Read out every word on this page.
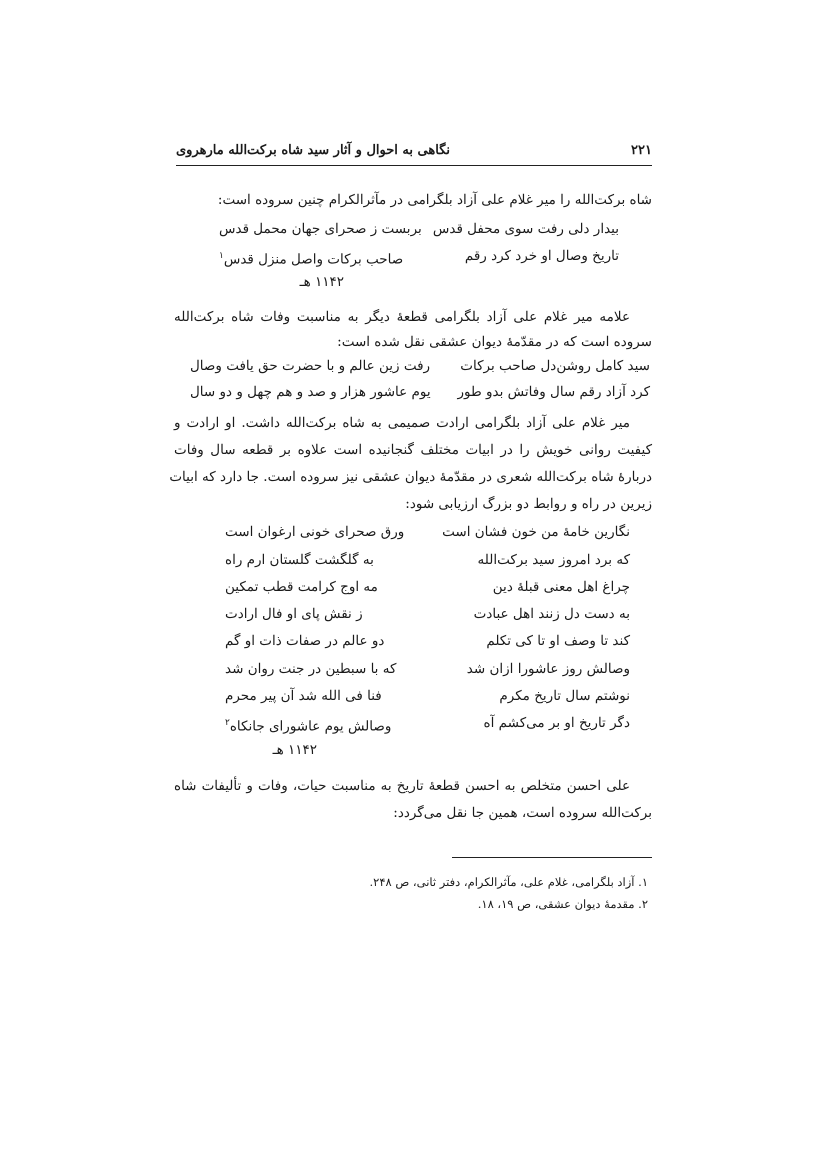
۲۲۱
نگاهی به احوال و آثار سید شاه برکت‌الله مارهروی
شاه برکت‌الله را میر غلام علی آزاد بلگرامی در مآثرالکرام چنین سروده است:
بیدار دلی رفت سوی محفل قدس
بربست ز صحرای جهان محمل قدس
تاریخ وصال او خرد کرد رقم
صاحب برکات واصل منزل قدس$^۱$
۱۱۴۲ هـ
علامه میر غلام علی آزاد بلگرامی قطعهٔ دیگر به مناسبت وفات شاه برکت‌الله
سروده است که در مقدّمهٔ دیوان عشقی نقل شده است:
سید کامل روشن‌دل صاحب برکات
رفت زین عالم و با حضرت حق یافت وصال
کرد آزاد رقم سال وفاتش بدو طور
یوم عاشور هزار و صد و هم چهل و دو سال
میر غلام علی آزاد بلگرامی ارادت صمیمی به شاه برکت‌الله داشت. او ارادت و
کیفیت روانی خویش را در ابیات مختلف گنجانیده است علاوه بر قطعه سال وفات
دربارهٔ شاه برکت‌الله شعری در مقدّمهٔ دیوان عشقی نیز سروده است. جا دارد که ابیات
زیرین در راه و روابط دو بزرگ ارزیابی شود:
نگارین خامهٔ من خون فشان است
ورق صحرای خونی ارغوان است
که برد امروز سید برکت‌الله
به گلگشت گلستان ارم راه
چراغ اهل معنی قبلهٔ دین
مه اوج کرامت قطب تمکین
به دست دل زنند اهل عبادت
ز نقش پای او فال ارادت
کند تا وصف او تا کی تکلم
دو عالم در صفات ذات او گم
وصالش روز عاشورا ازان شد
که با سبطین در جنت روان شد
نوشتم سال تاریخ مکرم
فنا فی الله شد آن پیر محرم
دگر تاریخ او بر می‌کشم آه
وصالش یوم عاشورای جانکاه$^۲$
۱۱۴۲ هـ
علی احسن متخلص به احسن قطعهٔ تاریخ به مناسبت حیات، وفات و تألیفات شاه
برکت‌الله سروده است، همین جا نقل می‌گردد:
۱. آزاد بلگرامی، غلام علی، مآثرالکرام، دفتر ثانی، ص ۲۴۸.
۲. مقدمهٔ دیوان عشقی، ص ۱۹، ۱۸.
